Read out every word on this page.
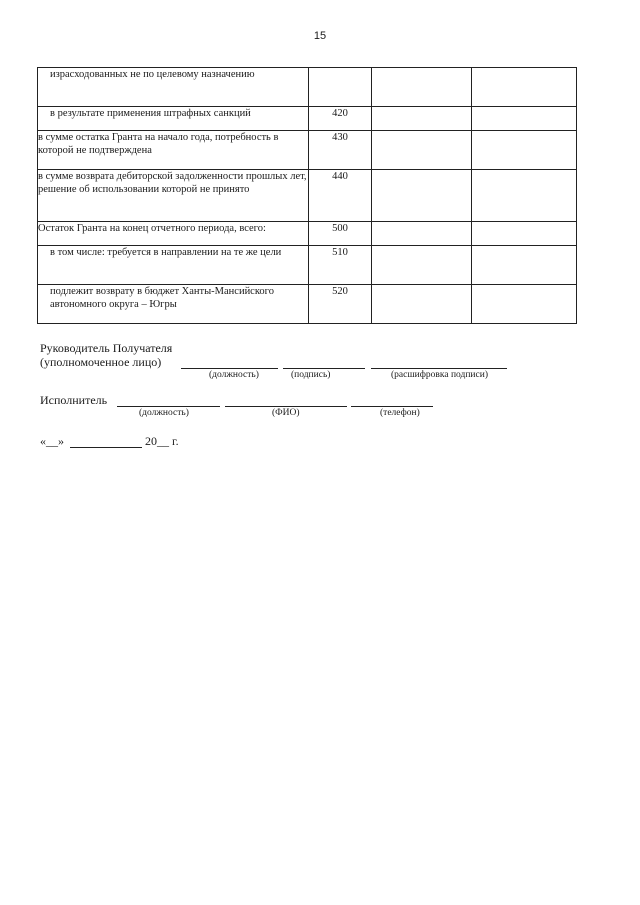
15
израсходованных не по целевому назначению			
в результате применения штрафных санкций	420		
в сумме остатка Гранта на начало года, потребность в которой не подтверждена	430		
в сумме возврата дебиторской задолженности прошлых лет, решение об использовании которой не принято	440		
Остаток Гранта на конец отчетного периода, всего:	500		
в том числе: требуется в направлении на те же цели	510		
подлежит возврату в бюджет Ханты-Мансийского автономного округа – Югры	520		
Руководитель Получателя
(уполномоченное лицо)
(должность)	(подпись)	(расшифровка подписи)
Исполнитель
(должность)	(ФИО)	(телефон)
«__»	20__ г.
